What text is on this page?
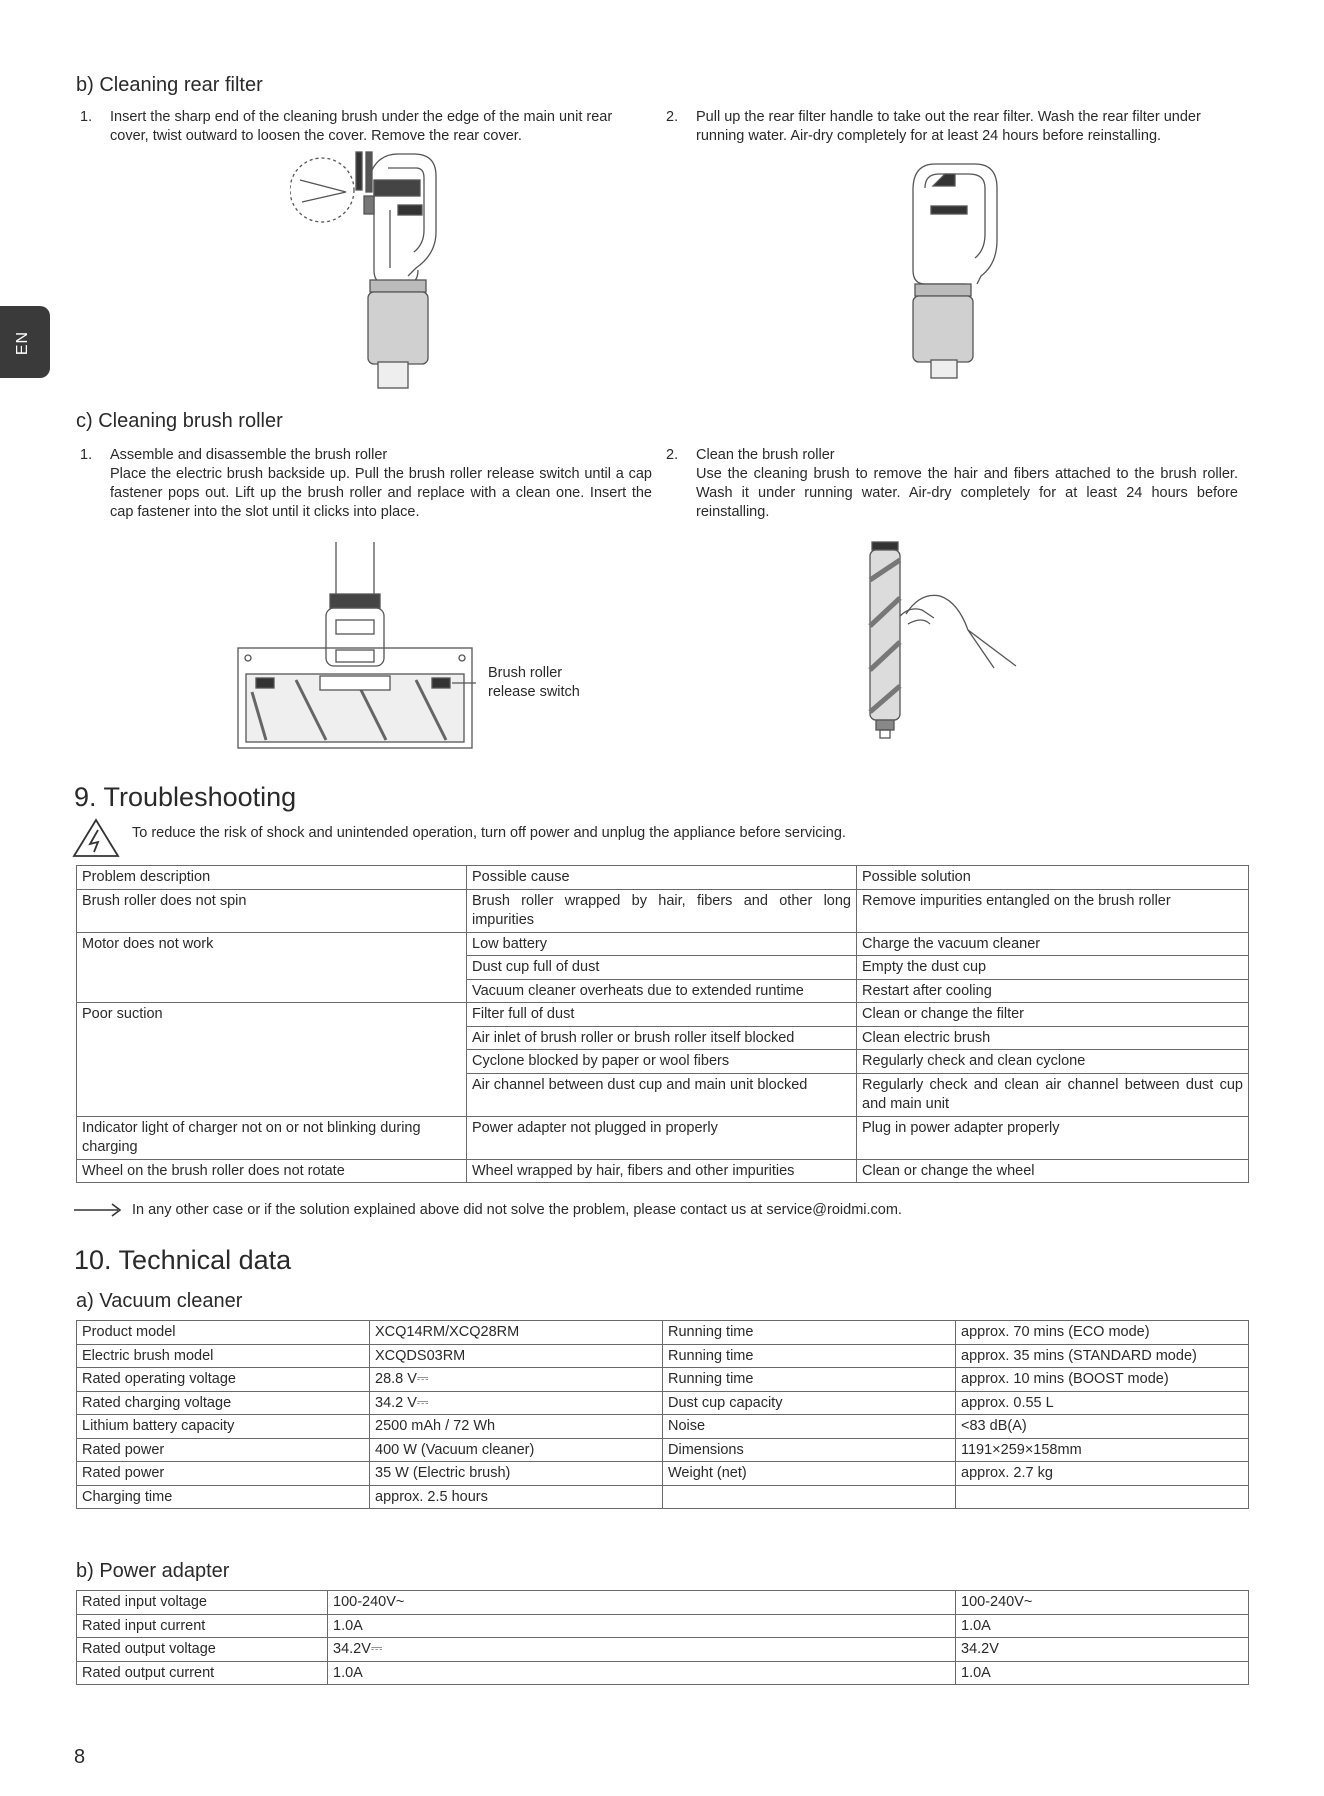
EN
b) Cleaning rear filter
1. Insert the sharp end of the cleaning brush under the edge of the main unit rear cover, twist outward to loosen the cover. Remove the rear cover.
2. Pull up the rear filter handle to take out the rear filter. Wash the rear filter under running water. Air-dry completely for at least 24 hours before reinstalling.
c) Cleaning brush roller
1. Assemble and disassemble the brush roller
Place the electric brush backside up. Pull the brush roller release switch until a cap fastener pops out. Lift up the brush roller and replace with a clean one. Insert the cap fastener into the slot until it clicks into place.
2. Clean the brush roller
Use the cleaning brush to remove the hair and fibers attached to the brush roller. Wash it under running water. Air-dry completely for at least 24 hours before reinstalling.
Brush roller
release switch
9. Troubleshooting
To reduce the risk of shock and unintended operation, turn off power and unplug the appliance before servicing.
Problem description	Possible cause	Possible solution
Brush roller does not spin	Brush roller wrapped by hair, fibers and other long impurities	Remove impurities entangled on the brush roller
Motor does not work	Low battery	Charge the vacuum cleaner
	Dust cup full of dust	Empty the dust cup
	Vacuum cleaner overheats due to extended runtime	Restart after cooling
Poor suction	Filter full of dust	Clean or change the filter
	Air inlet of brush roller or brush roller itself blocked	Clean electric brush
	Cyclone blocked by paper or wool fibers	Regularly check and clean cyclone
	Air channel between dust cup and main unit blocked	Regularly check and clean air channel between dust cup and main unit
Indicator light of charger not on or not blinking during charging	Power adapter not plugged in properly	Plug in power adapter properly
Wheel on the brush roller does not rotate	Wheel wrapped by hair, fibers and other impurities	Clean or change the wheel
In any other case or if the solution explained above did not solve the problem, please contact us at service@roidmi.com.
10. Technical data
a) Vacuum cleaner
Product model	XCQ14RM/XCQ28RM	Running time	approx. 70 mins (ECO mode)
Electric brush model	XCQDS03RM	Running time	approx. 35 mins (STANDARD mode)
Rated operating voltage	28.8 V⎓	Running time	approx. 10 mins (BOOST mode)
Rated charging voltage	34.2 V⎓	Dust cup capacity	approx. 0.55 L
Lithium battery capacity	2500 mAh / 72 Wh	Noise	<83 dB(A)
Rated power	400 W (Vacuum cleaner)	Dimensions	1191×259×158mm
Rated power	35 W (Electric brush)	Weight (net)	approx. 2.7 kg
Charging time	approx. 2.5 hours		
b) Power adapter
Rated input voltage	100-240V~	100-240V~
Rated input current	1.0A	1.0A
Rated output voltage	34.2V⎓	34.2V
Rated output current	1.0A	1.0A
8
